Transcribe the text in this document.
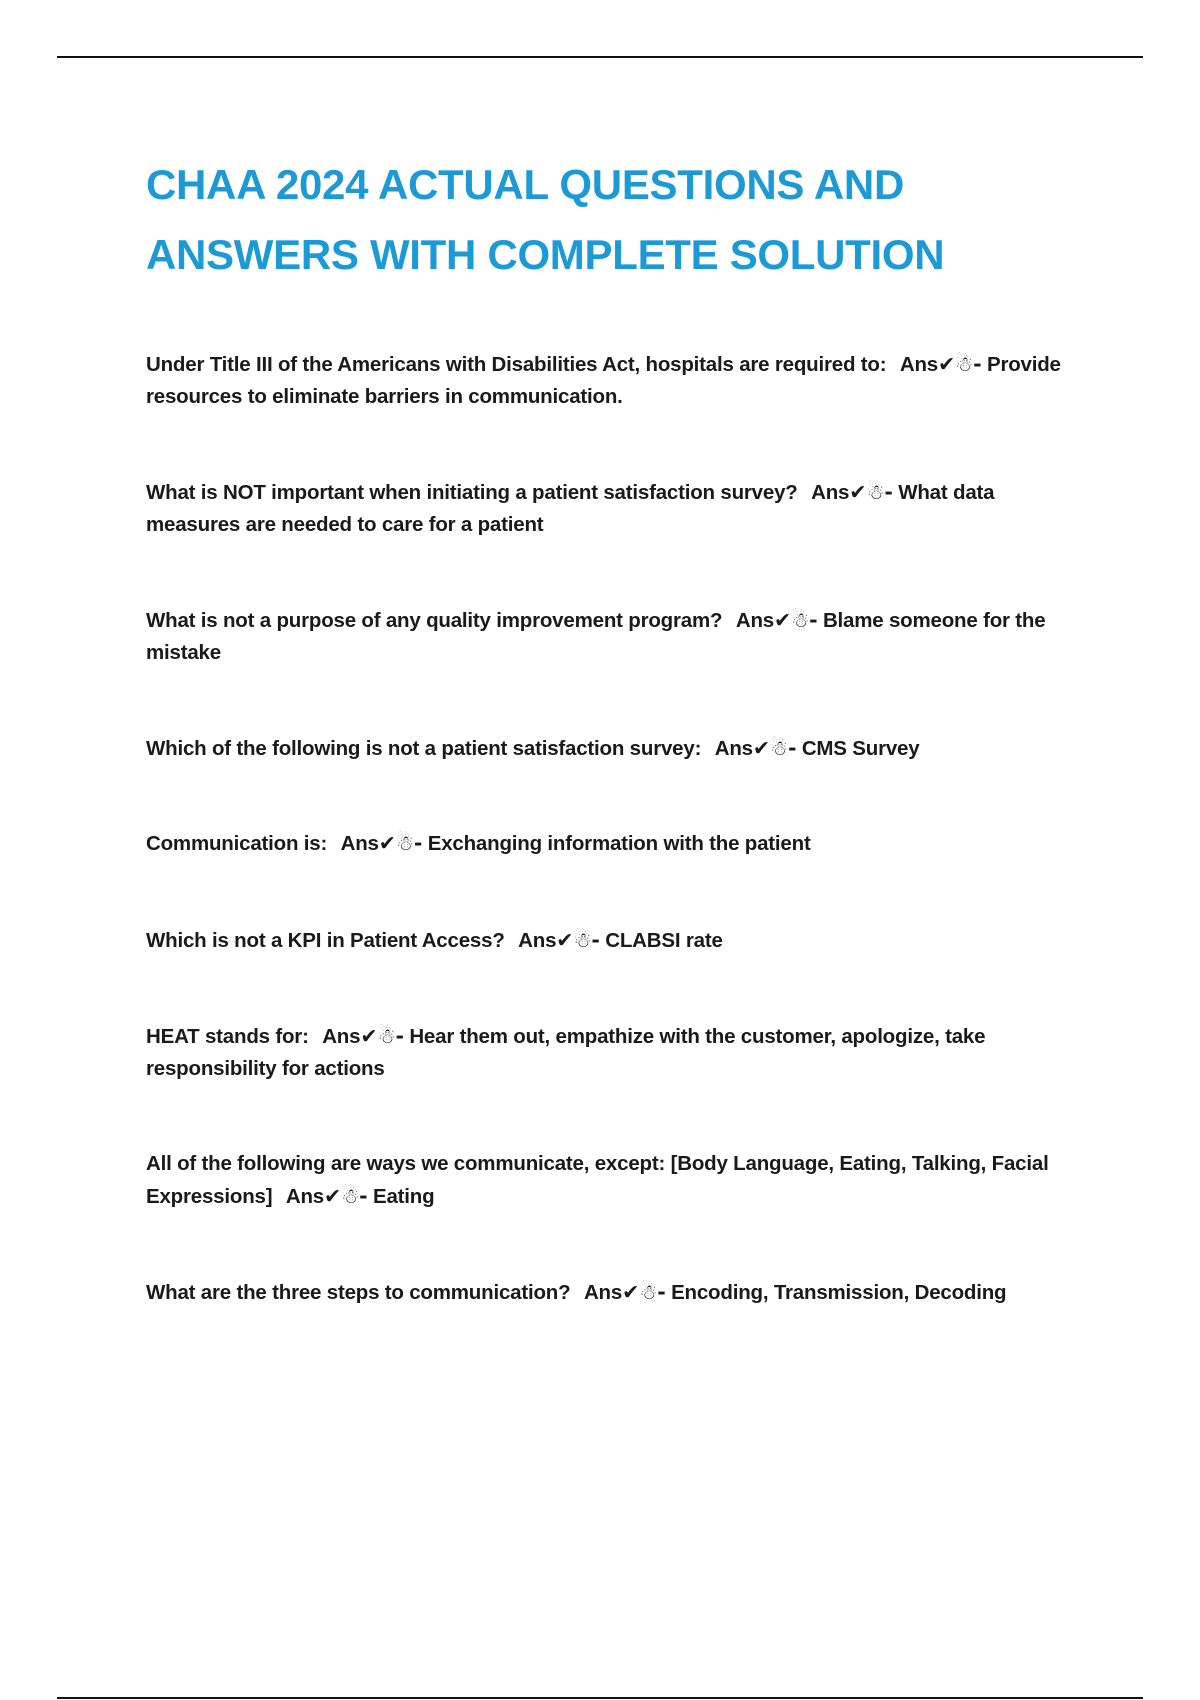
CHAA 2024 ACTUAL QUESTIONS AND ANSWERS WITH COMPLETE SOLUTION
Under Title III of the Americans with Disabilities Act, hospitals are required to: Ans✔☃- Provide resources to eliminate barriers in communication.
What is NOT important when initiating a patient satisfaction survey? Ans✔☃- What data measures are needed to care for a patient
What is not a purpose of any quality improvement program? Ans✔☃- Blame someone for the mistake
Which of the following is not a patient satisfaction survey: Ans✔☃- CMS Survey
Communication is: Ans✔☃- Exchanging information with the patient
Which is not a KPI in Patient Access? Ans✔☃- CLABSI rate
HEAT stands for: Ans✔☃- Hear them out, empathize with the customer, apologize, take responsibility for actions
All of the following are ways we communicate, except: [Body Language, Eating, Talking, Facial Expressions] Ans✔☃- Eating
What are the three steps to communication? Ans✔☃- Encoding, Transmission, Decoding
